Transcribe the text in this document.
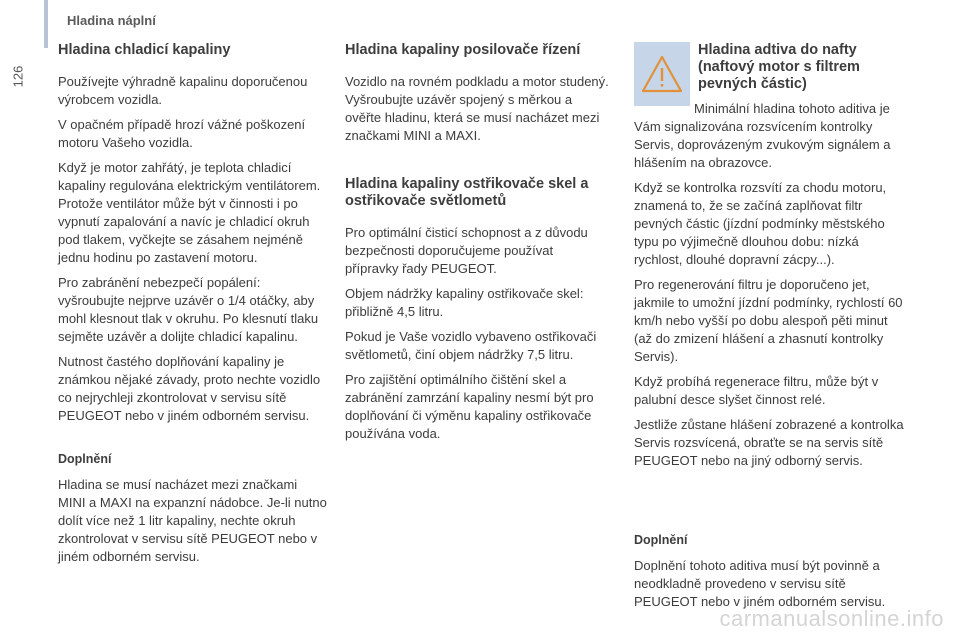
Hladina náplní
126
Hladina chladicí kapaliny

Používejte výhradně kapalinu doporučenou výrobcem vozidla.

V opačném případě hrozí vážné poškození motoru Vašeho vozidla.

Když je motor zahřátý, je teplota chladicí kapaliny regulována elektrickým ventilátorem. Protože ventilátor může být v činnosti i po vypnutí zapalování a navíc je chladicí okruh pod tlakem, vyčkejte se zásahem nejméně jednu hodinu po zastavení motoru.

Pro zabránění nebezpečí popálení: vyšroubujte nejprve uzávěr o 1/4 otáčky, aby mohl klesnout tlak v okruhu. Po klesnutí tlaku sejměte uzávěr a dolijte chladicí kapalinu.

Nutnost častého doplňování kapaliny je známkou nějaké závady, proto nechte vozidlo co nejrychleji zkontrolovat v servisu sítě PEUGEOT nebo v jiném odborném servisu.

Doplnění

Hladina se musí nacházet mezi značkami MINI a MAXI na expanzní nádobce. Je-li nutno dolít více než 1 litr kapaliny, nechte okruh zkontrolovat v servisu sítě PEUGEOT nebo v jiném odborném servisu.

Hladina kapaliny posilovače řízení

Vozidlo na rovném podkladu a motor studený. Vyšroubujte uzávěr spojený s měrkou a ověřte hladinu, která se musí nacházet mezi značkami MINI a MAXI.

Hladina kapaliny ostřikovače skel a ostřikovače světlometů

Pro optimální čisticí schopnost a z důvodu bezpečnosti doporučujeme používat přípravky řady PEUGEOT.

Objem nádržky kapaliny ostřikovače skel: přibližně 4,5 litru.

Pokud je Vaše vozidlo vybaveno ostřikovači světlometů, činí objem nádržky 7,5 litru.

Pro zajištění optimálního čištění skel a zabránění zamrzání kapaliny nesmí být pro doplňování či výměnu kapaliny ostřikovače používána voda.

Hladina adtiva do nafty (naftový motor s filtrem pevných částic)

Minimální hladina tohoto aditiva je Vám signalizována rozsvícením kontrolky Servis, doprovázeným zvukovým signálem a hlášením na obrazovce.

Když se kontrolka rozsvítí za chodu motoru, znamená to, že se začíná zaplňovat filtr pevných částic (jízdní podmínky městského typu po výjimečně dlouhou dobu: nízká rychlost, dlouhé dopravní zácpy...).

Pro regenerování filtru je doporučeno jet, jakmile to umožní jízdní podmínky, rychlostí 60 km/h nebo vyšší po dobu alespoň pěti minut (až do zmizení hlášení a zhasnutí kontrolky Servis).

Když probíhá regenerace filtru, může být v palubní desce slyšet činnost relé.

Jestliže zůstane hlášení zobrazené a kontrolka Servis rozsvícená, obraťte se na servis sítě PEUGEOT nebo na jiný odborný servis.

Doplnění

Doplnění tohoto aditiva musí být povinně a neodkladně provedeno v servisu sítě PEUGEOT nebo v jiném odborném servisu.

carmanualsonline.info
